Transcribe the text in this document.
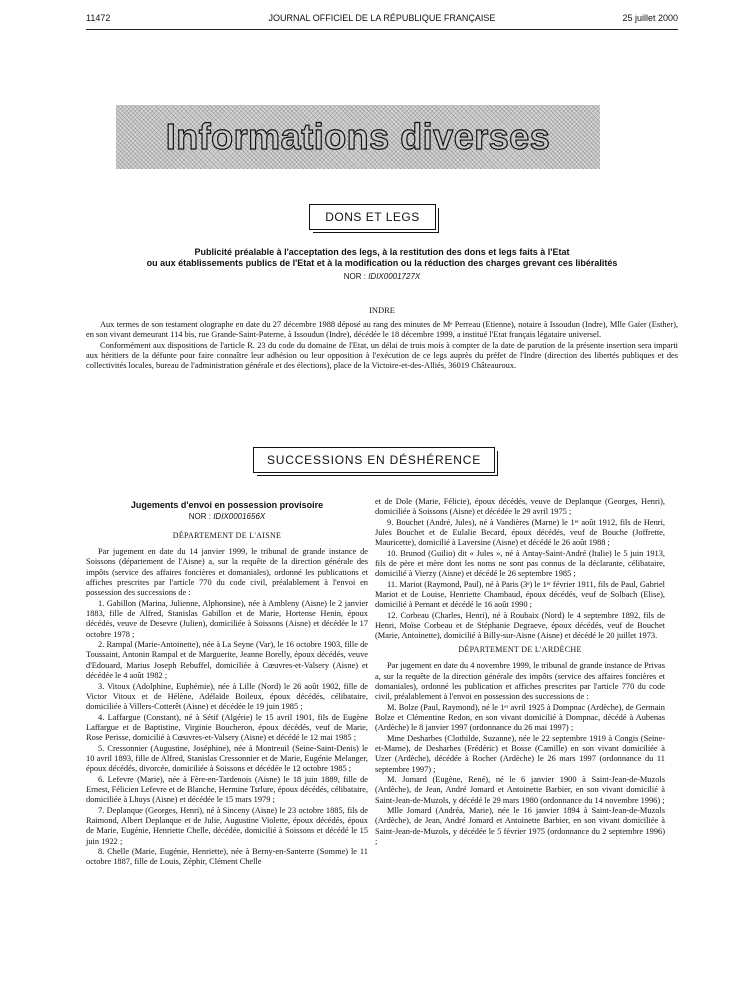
11472	JOURNAL OFFICIEL DE LA RÉPUBLIQUE FRANÇAISE	25 juillet 2000
Informations diverses
DONS ET LEGS
Publicité préalable à l'acceptation des legs, à la restitution des dons et legs faits à l'Etat
ou aux établissements publics de l'Etat et à la modification ou la réduction des charges grevant ces libéralités
NOR : IDIX0001727X
INDRE

Aux termes de son testament olographe en date du 27 décembre 1988 déposé au rang des minutes de Mᵉ Perreau (Etienne), notaire à Issoudun (Indre), Mlle Gaïer (Esther), en son vivant demeurant 114 bis, rue Grande-Saint-Paterne, à Issoudun (Indre), décédée le 18 décembre 1999, a institué l'Etat français légataire universel.

Conformément aux dispositions de l'article R. 23 du code du domaine de l'Etat, un délai de trois mois à compter de la date de parution de la présente insertion sera imparti aux héritiers de la défunte pour faire connaître leur adhésion ou leur opposition à l'exécution de ce legs auprès du préfet de l'Indre (direction des libertés publiques et des collectivités locales, bureau de l'administration générale et des élections), place de la Victoire-et-des-Alliés, 36019 Châteauroux.

SUCCESSIONS EN DÉSHÉRENCE

Jugements d'envoi en possession provisoire

NOR : IDIX0001656X

DÉPARTEMENT DE L'AISNE

Par jugement en date du 14 janvier 1999, le tribunal de grande instance de Soissons (département de l'Aisne) a, sur la requête de la direction générale des impôts (service des affaires foncières et domaniales), ordonné les publications et affiches prescrites par l'article 770 du code civil, préalablement à l'envoi en possession des successions de :

1. Gabillon (Marina, Julienne, Alphonsine), née à Ambleny (Aisne) le 2 janvier 1883, fille de Alfred, Stanislas Gabillon et de Marie, Hortense Henin, époux décédés, veuve de Desevre (Julien), domiciliée à Soissons (Aisne) et décédée le 17 octobre 1978 ;

2. Rampal (Marie-Antoinette), née à La Seyne (Var), le 16 octobre 1903, fille de Toussaint, Antonin Rampal et de Marguerite, Jeanne Borelly, époux décédés, veuve d'Edouard, Marius Joseph Rebuffel, domiciliée à Cœuvres-et-Valsery (Aisne) et décédée le 4 août 1982 ;

3. Vitoux (Adolphine, Euphémie), née à Lille (Nord) le 26 août 1902, fille de Victor Vitoux et de Hélène, Adélaïde Boileux, époux décédés, célibataire, domiciliée à Villers-Cotterêt (Aisne) et décédée le 19 juin 1985 ;

4. Laffargue (Constant), né à Sétif (Algérie) le 15 avril 1901, fils de Eugène Laffargue et de Baptistine, Virginie Boucheron, époux décédés, veuf de Marie, Rose Perisse, domicilié à Cœuvres-et-Valsery (Aisne) et décédé le 12 mai 1985 ;

5. Cressonnier (Augustine, Joséphine), née à Montreuil (Seine-Saint-Denis) le 10 avril 1893, fille de Alfred, Stanislas Cressonnier et de Marie, Eugénie Melanger, époux décédés, divorcée, domiciliée à Soissons et décédée le 12 octobre 1985 ;

6. Lefevre (Marie), née à Fère-en-Tardenois (Aisne) le 18 juin 1889, fille de Ernest, Félicien Lefevre et de Blanche, Hermine Tsrlure, époux décédés, célibataire, domiciliée à Lhuys (Aisne) et décédée le 15 mars 1979 ;

7. Deplanque (Georges, Henri), né à Sinceny (Aisne) le 23 octobre 1885, fils de Raimond, Albert Deplanque et de Julie, Augustine Violette, époux décédés, époux de Marie, Eugénie, Henriette Chelle, décédée, domicilié à Soissons et décédé le 15 juin 1922 ;

8. Chelle (Marie, Eugénie, Henriette), née à Berny-en-Santerre (Somme) le 11 octobre 1887, fille de Louis, Zéphir, Clément Chelle

et de Dole (Marie, Félicie), époux décédés, veuve de Deplanque (Georges, Henri), domiciliée à Soissons (Aisne) et décédée le 29 avril 1975 ;

9. Bouchet (André, Jules), né à Vandières (Marne) le 1ᵉʳ août 1912, fils de Henri, Jules Bouchet et de Eulalie Becard, époux décédés, veuf de Bouche (Joffrette, Mauricette), domicilié à Laversine (Aisne) et décédé le 26 août 1988 ;

10. Brunod (Guilio) dit « Jules », né à Antay-Saint-André (Italie) le 5 juin 1913, fils de père et mère dont les noms ne sont pas connus de la déclarante, célibataire, domicilié à Vierzy (Aisne) et décédé le 26 septembre 1985 ;

11. Mariot (Raymond, Paul), né à Paris (3ᵉ) le 1ᵉʳ février 1911, fils de Paul, Gabriel Mariot et de Louise, Henriette Chambaud, époux décédés, veuf de Solbach (Elise), domicilié à Pernant et décédé le 16 août 1990 ;

12. Corbeau (Charles, Henri), né à Roubaix (Nord) le 4 septembre 1892, fils de Henri, Moïse Corbeau et de Stéphanie Degraeve, époux décédés, veuf de Bouchet (Marie, Antoinette), domicilié à Billy-sur-Aisne (Aisne) et décédé le 20 juillet 1973.

DÉPARTEMENT DE L'ARDÈCHE

Par jugement en date du 4 novembre 1999, le tribunal de grande instance de Privas a, sur la requête de la direction générale des impôts (service des affaires foncières et domaniales), ordonné les publication et affiches prescrites par l'article 770 du code civil, préalablement à l'envoi en possession des successions de :

M. Bolze (Paul, Raymond), né le 1ᵉʳ avril 1925 à Dompnac (Ardèche), de Germain Bolze et Clémentine Redon, en son vivant domicilié à Dompnac, décédé à Aubenas (Ardèche) le 8 janvier 1997 (ordonnance du 26 mai 1997) ;

Mme Desharbes (Clothilde, Suzanne), née le 22 septembre 1919 à Congis (Seine-et-Marne), de Desharbes (Frédéric) et Bosse (Camille) en son vivant domiciliée à Uzer (Ardèche), décédée à Rocher (Ardèche) le 26 mars 1997 (ordonnance du 11 septembre 1997) ;

M. Jomard (Eugène, René), né le 6 janvier 1900 à Saint-Jean-de-Muzols (Ardèche), de Jean, André Jomard et Antoinette Barbier, en son vivant domicilié à Saint-Jean-de-Muzols, y décédé le 29 mars 1980 (ordonnance du 14 novembre 1996) ;

Mlle Jomard (Andréa, Marie), née le 16 janvier 1894 à Saint-Jean-de-Muzols (Ardèche), de Jean, André Jomard et Antoinette Barbier, en son vivant domiciliée à Saint-Jean-de-Muzols, y décédée le 5 février 1975 (ordonnance du 2 septembre 1996) ;
